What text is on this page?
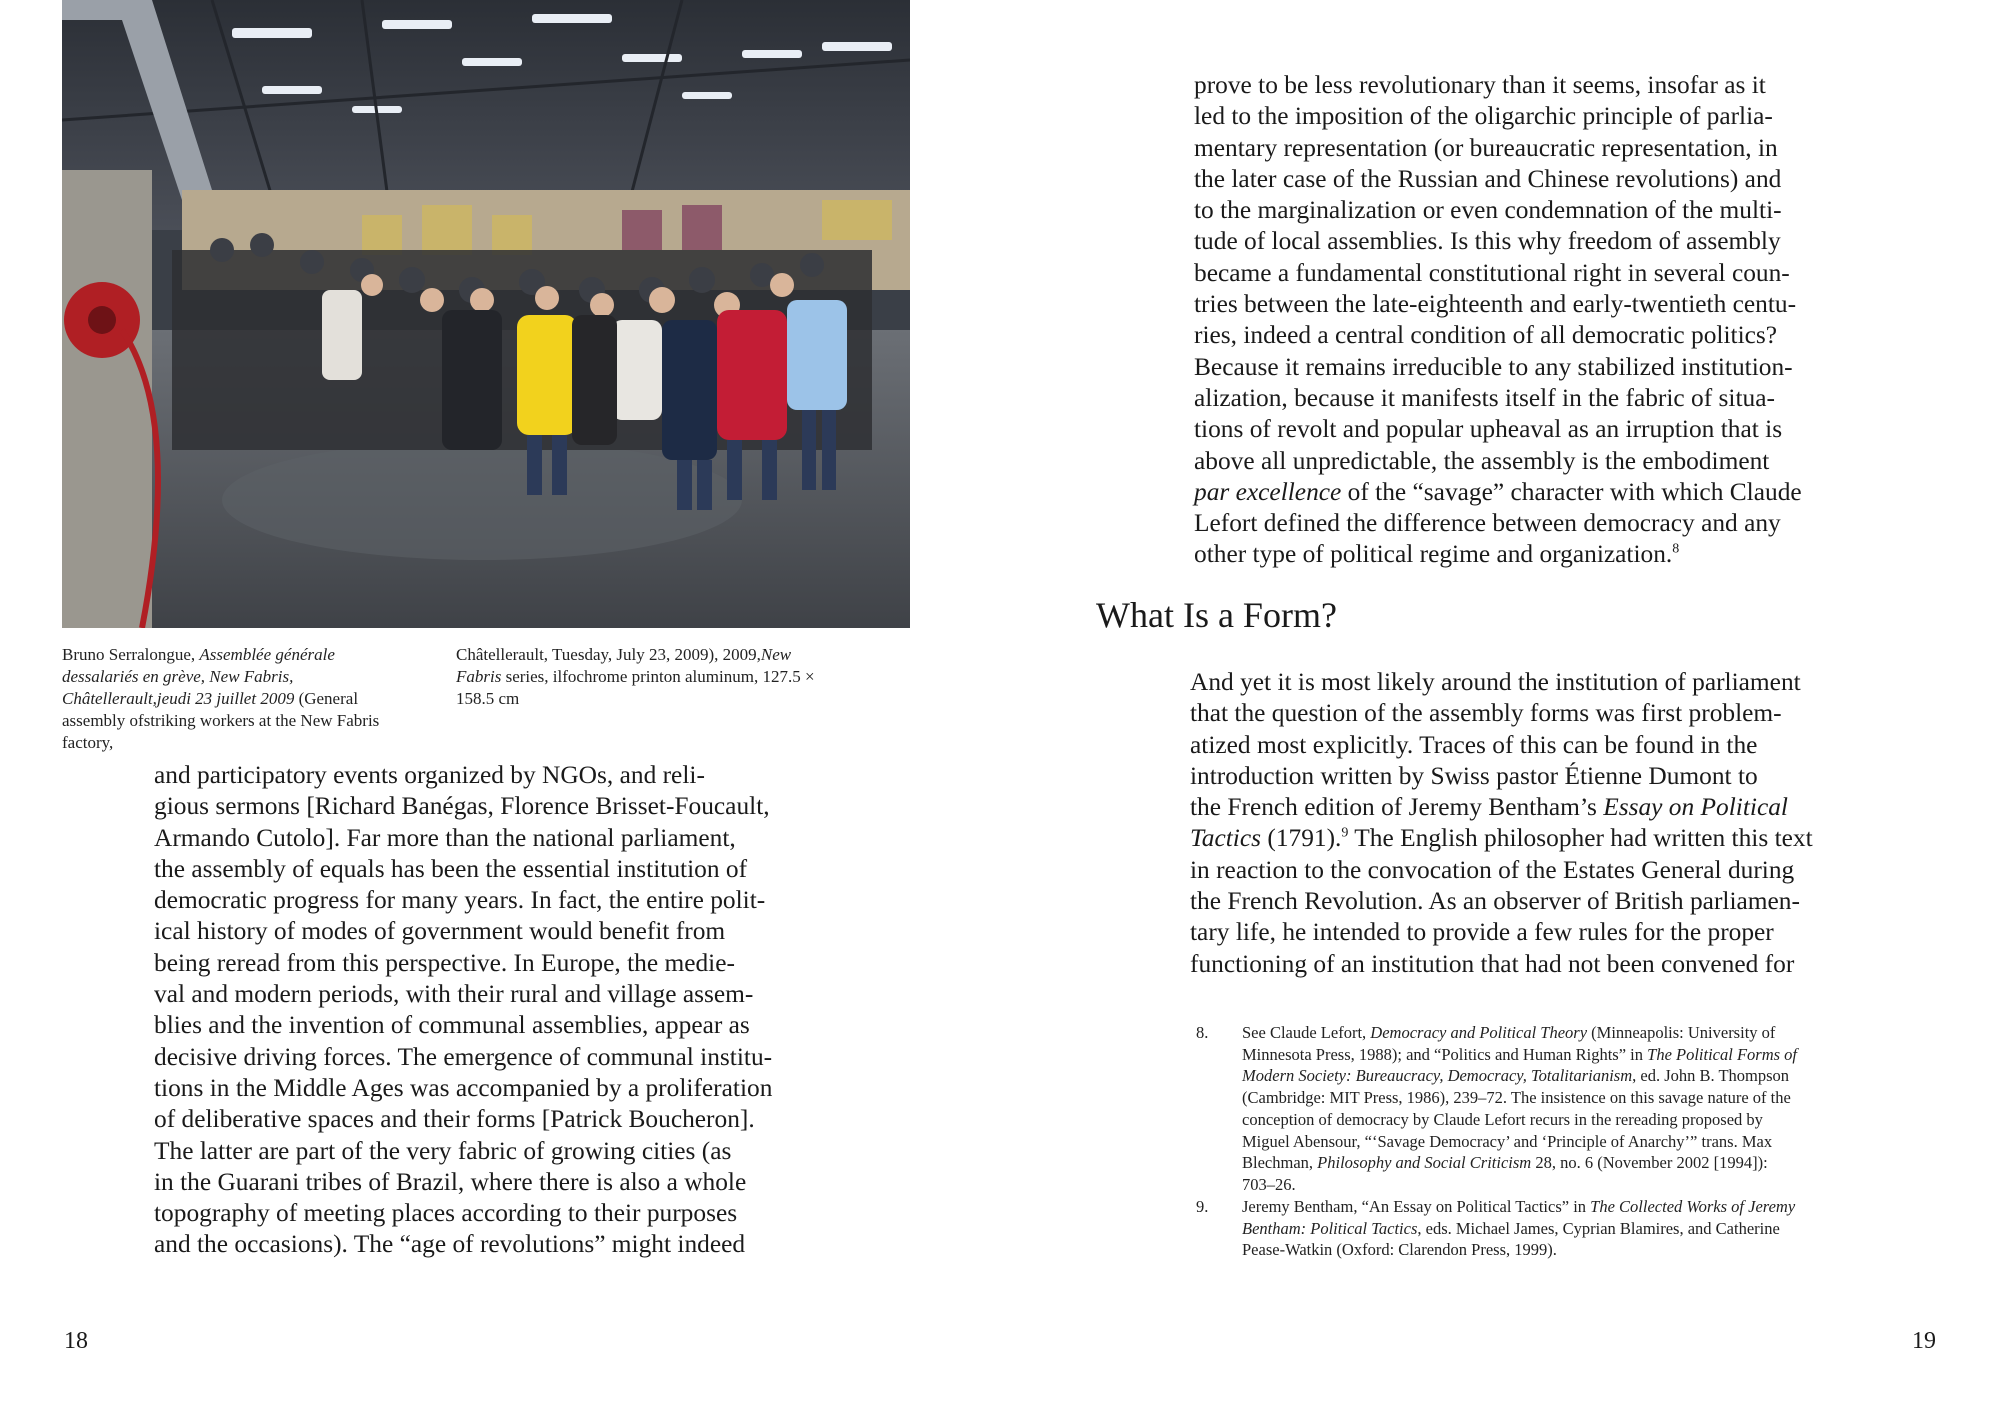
Bruno Serralongue, Assemblée générale dessalariés en grève, New Fabris, Châtellerault,jeudi 23 juillet 2009 (General assembly ofstriking workers at the New Fabris factory,
Châtellerault, Tuesday, July 23, 2009), 2009,New Fabris series, ilfochrome printon aluminum, 127.5 × 158.5 cm
and participatory events organized by NGOs, and reli-
gious sermons [Richard Banégas, Florence Brisset-Foucault,
Armando Cutolo]. Far more than the national parliament,
the assembly of equals has been the essential institution of
democratic progress for many years. In fact, the entire polit-
ical history of modes of government would benefit from
being reread from this perspective. In Europe, the medie-
val and modern periods, with their rural and village assem-
blies and the invention of communal assemblies, appear as
decisive driving forces. The emergence of communal institu-
tions in the Middle Ages was accompanied by a proliferation
of deliberative spaces and their forms [Patrick Boucheron].
The latter are part of the very fabric of growing cities (as
in the Guarani tribes of Brazil, where there is also a whole
topography of meeting places according to their purposes
and the occasions). The “age of revolutions” might indeed
prove to be less revolutionary than it seems, insofar as it
led to the imposition of the oligarchic principle of parlia-
mentary representation (or bureaucratic representation, in
the later case of the Russian and Chinese revolutions) and
to the marginalization or even condemnation of the multi-
tude of local assemblies. Is this why freedom of assembly
became a fundamental constitutional right in several coun-
tries between the late-eighteenth and early-twentieth centu-
ries, indeed a central condition of all democratic politics?
Because it remains irreducible to any stabilized institution-
alization, because it manifests itself in the fabric of situa-
tions of revolt and popular upheaval as an irruption that is
above all unpredictable, the assembly is the embodiment
par excellence of the “savage” character with which Claude
Lefort defined the difference between democracy and any
other type of political regime and organization.$^8$
What Is a Form?
And yet it is most likely around the institution of parliament
that the question of the assembly forms was first problem-
atized most explicitly. Traces of this can be found in the
introduction written by Swiss pastor Étienne Dumont to
the French edition of Jeremy Bentham’s Essay on Political
Tactics (1791).$^9$ The English philosopher had written this text
in reaction to the convocation of the Estates General during
the French Revolution. As an observer of British parliamen-
tary life, he intended to provide a few rules for the proper
functioning of an institution that had not been convened for
8. See Claude Lefort, Democracy and Political Theory (Minneapolis: University of
Minnesota Press, 1988); and “Politics and Human Rights” in The Political Forms of
Modern Society: Bureaucracy, Democracy, Totalitarianism, ed. John B. Thompson
(Cambridge: MIT Press, 1986), 239–72. The insistence on this savage nature of the
conception of democracy by Claude Lefort recurs in the rereading proposed by
Miguel Abensour, “‘Savage Democracy’ and ‘Principle of Anarchy’” trans. Max
Blechman, Philosophy and Social Criticism 28, no. 6 (November 2002 [1994]):
703–26.
9. Jeremy Bentham, “An Essay on Political Tactics” in The Collected Works of Jeremy
Bentham: Political Tactics, eds. Michael James, Cyprian Blamires, and Catherine
Pease-Watkin (Oxford: Clarendon Press, 1999).
18	19
